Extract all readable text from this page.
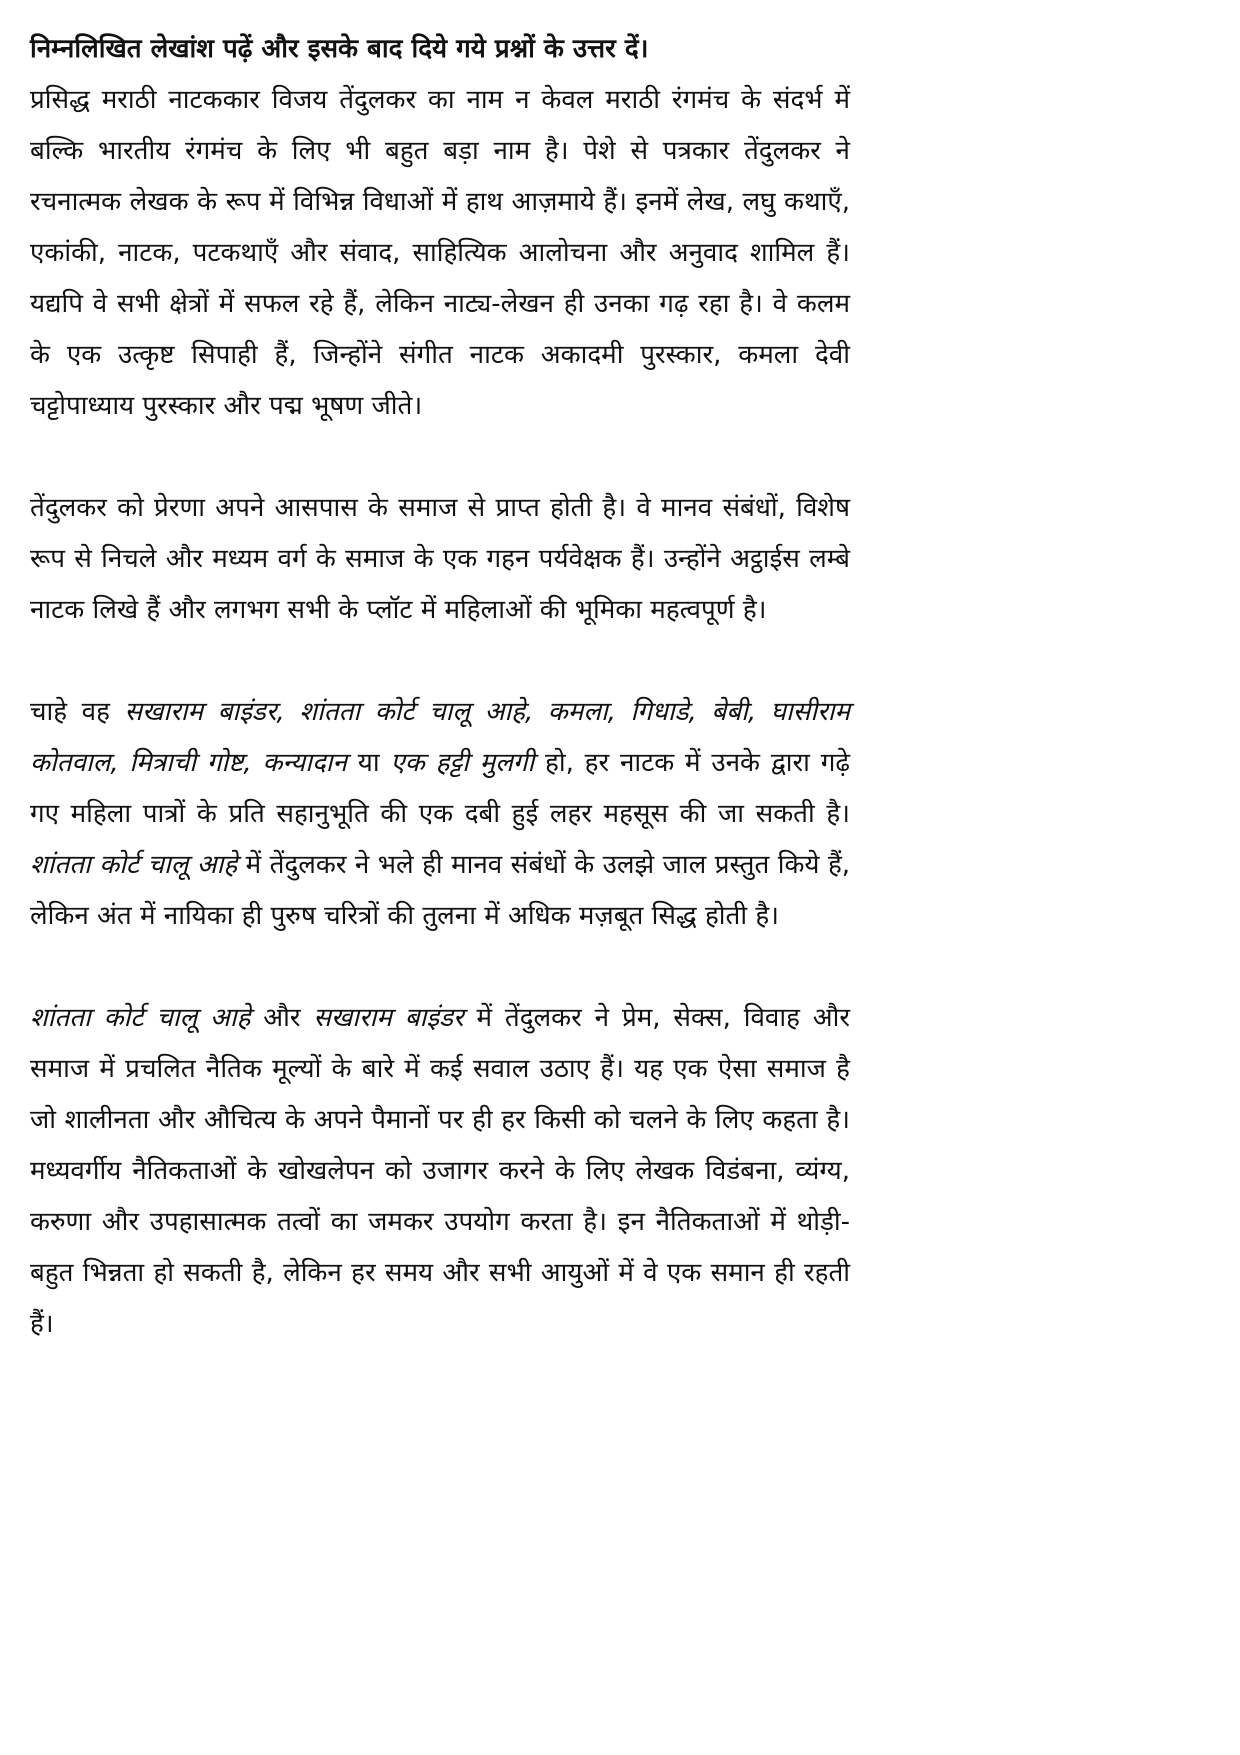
निम्नलिखित लेखांश पढ़ें और इसके बाद दिये गये प्रश्नों के उत्तर दें।

प्रसिद्ध मराठी नाटककार विजय तेंदुलकर का नाम न केवल मराठी रंगमंच के संदर्भ में बल्कि भारतीय रंगमंच के लिए भी बहुत बड़ा नाम है। पेशे से पत्रकार तेंदुलकर ने रचनात्मक लेखक के रूप में विभिन्न विधाओं में हाथ आज़माये हैं। इनमें लेख, लघु कथाएँ, एकांकी, नाटक, पटकथाएँ और संवाद, साहित्यिक आलोचना और अनुवाद शामिल हैं। यद्यपि वे सभी क्षेत्रों में सफल रहे हैं, लेकिन नाट्य-लेखन ही उनका गढ़ रहा है। वे कलम के एक उत्कृष्ट सिपाही हैं, जिन्होंने संगीत नाटक अकादमी पुरस्कार, कमला देवी चट्टोपाध्याय पुरस्कार और पद्म भूषण जीते।

तेंदुलकर को प्रेरणा अपने आसपास के समाज से प्राप्त होती है। वे मानव संबंधों, विशेष रूप से निचले और मध्यम वर्ग के समाज के एक गहन पर्यवेक्षक हैं। उन्होंने अट्ठाईस लम्बे नाटक लिखे हैं और लगभग सभी के प्लॉट में महिलाओं की भूमिका महत्वपूर्ण है।

चाहे वह सखाराम बाइंडर, शांतता कोर्ट चालू आहे, कमला, गिधाडे, बेबी, घासीराम कोतवाल, मित्राची गोष्ट, कन्यादान या एक हट्टी मुलगी हो, हर नाटक में उनके द्वारा गढ़े गए महिला पात्रों के प्रति सहानुभूति की एक दबी हुई लहर महसूस की जा सकती है। शांतता कोर्ट चालू आहे में तेंदुलकर ने भले ही मानव संबंधों के उलझे जाल प्रस्तुत किये हैं, लेकिन अंत में नायिका ही पुरुष चरित्रों की तुलना में अधिक मज़बूत सिद्ध होती है।

शांतता कोर्ट चालू आहे और सखाराम बाइंडर में तेंदुलकर ने प्रेम, सेक्स, विवाह और समाज में प्रचलित नैतिक मूल्यों के बारे में कई सवाल उठाए हैं। यह एक ऐसा समाज है जो शालीनता और औचित्य के अपने पैमानों पर ही हर किसी को चलने के लिए कहता है। मध्यवर्गीय नैतिकताओं के खोखलेपन को उजागर करने के लिए लेखक विडंबना, व्यंग्य, करुणा और उपहासात्मक तत्वों का जमकर उपयोग करता है। इन नैतिकताओं में थोड़ी-बहुत भिन्नता हो सकती है, लेकिन हर समय और सभी आयुओं में वे एक समान ही रहती हैं।
